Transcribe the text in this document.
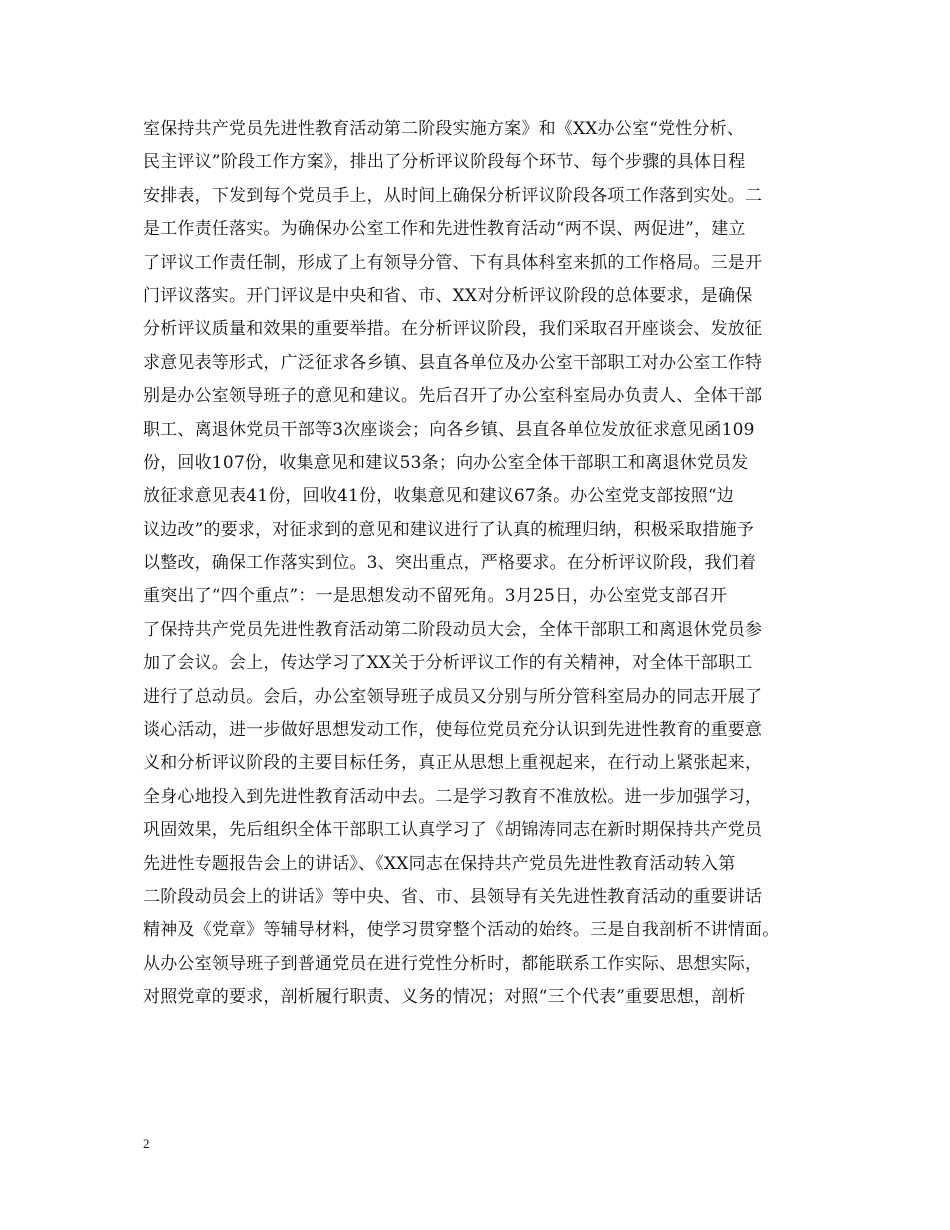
室保持共产党员先进性教育活动第二阶段实施方案》和《XX办公室“党性分析、
民主评议”阶段工作方案》，排出了分析评议阶段每个环节、每个步骤的具体日程
安排表，下发到每个党员手上，从时间上确保分析评议阶段各项工作落到实处。二
是工作责任落实。为确保办公室工作和先进性教育活动“两不误、两促进”，建立
了评议工作责任制，形成了上有领导分管、下有具体科室来抓的工作格局。三是开
门评议落实。开门评议是中央和省、市、XX对分析评议阶段的总体要求，是确保
分析评议质量和效果的重要举措。在分析评议阶段，我们采取召开座谈会、发放征
求意见表等形式，广泛征求各乡镇、县直各单位及办公室干部职工对办公室工作特
别是办公室领导班子的意见和建议。先后召开了办公室科室局办负责人、全体干部
职工、离退休党员干部等3次座谈会；向各乡镇、县直各单位发放征求意见函109
份，回收107份，收集意见和建议53条；向办公室全体干部职工和离退休党员发
放征求意见表41份，回收41份，收集意见和建议67条。办公室党支部按照“边
议边改”的要求，对征求到的意见和建议进行了认真的梳理归纳，积极采取措施予
以整改，确保工作落实到位。3、突出重点，严格要求。在分析评议阶段，我们着
重突出了“四个重点”：一是思想发动不留死角。3月25日，办公室党支部召开
了保持共产党员先进性教育活动第二阶段动员大会，全体干部职工和离退休党员参
加了会议。会上，传达学习了XX关于分析评议工作的有关精神，对全体干部职工
进行了总动员。会后，办公室领导班子成员又分别与所分管科室局办的同志开展了
谈心活动，进一步做好思想发动工作，使每位党员充分认识到先进性教育的重要意
义和分析评议阶段的主要目标任务，真正从思想上重视起来，在行动上紧张起来，
全身心地投入到先进性教育活动中去。二是学习教育不准放松。进一步加强学习，
巩固效果，先后组织全体干部职工认真学习了《胡锦涛同志在新时期保持共产党员
先进性专题报告会上的讲话》、《XX同志在保持共产党员先进性教育活动转入第
二阶段动员会上的讲话》等中央、省、市、县领导有关先进性教育活动的重要讲话
精神及《党章》等辅导材料，使学习贯穿整个活动的始终。三是自我剖析不讲情面。
从办公室领导班子到普通党员在进行党性分析时，都能联系工作实际、思想实际，
对照党章的要求，剖析履行职责、义务的情况；对照“三个代表”重要思想，剖析
2
